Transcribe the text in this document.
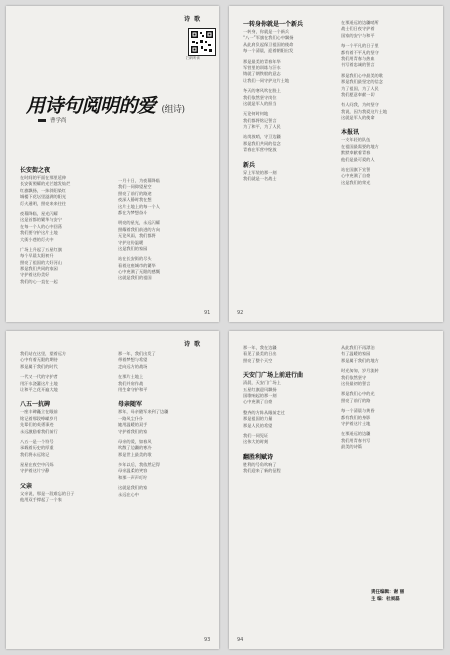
诗 歌
扫码听读
用诗句阅明的爱 (组诗)
曹学尚
长安街之夜
在时间的平面在那里延伸
长安街照耀的光芒越发灿烂
红旗飘扬，一抹斜阳染红
城楼下花坛里溢满的阳光
灯火通明，照亮来来往往
夜幕降临，星光闪耀
这是首都的繁华与安宁
在每一个人的心中回荡
我们要守护这片土地
大街小巷的灯火中
广场上升起了五星红旗
每个早晨太阳初升
照亮了祖国的大好河山
那是我们共同的家园
守护着这份美好
我们的心一直在一起
一月十日，为夜幕降临
我们一同仰望星空
照亮了前行的路途
夜深人静时我在想
这片土地上的每一个人
都在为梦想奋斗
明亮的星光，永远闪耀
照耀着我们前进的方向
无论风雨，我们都将
守护这份温暖
这是我们的家园
站在长安街的尽头
看着这座城市的繁华
心中充满了无限的感慨
这就是我们的祖国
91
一转身你就是一个新兵
一转身，你就是一个新兵
“八一”军旗在我们心中飘扬
从此肩负起保卫祖国的使命
每一个清晨，迎着朝阳出发
那是最美的青春年华
军营里的训练与汗水
铸就了钢铁般的意志
让我们一同守护这片土地
冬天的寒风吹在脸上
我们依然坚守岗位
这就是军人的担当
无论何时何地
我们都将铭记誓言
为了和平，为了人民
站岗放哨，守卫边疆
那是我们共同的信念
青春在军营中绽放
新兵
穿上军装的那一刻
我们就是一名战士
在那遥远的边疆哨所
战士们日夜守护着
国家的安宁与和平
每一个平凡的日子里
都有着不平凡的坚守
我们用青春与热血
书写着忠诚的誓言
那是我们心中最美的歌
那是我们最坚定的信念
为了祖国，为了人民
我们愿意奉献一切
有人问我，为何坚守
我说，因为我爱这片土地
这就是军人的使命
本报讯
一支年轻的队伍
在祖国最需要的地方
默默奉献着青春
他们是最可爱的人
站在国旗下宣誓
心中充满了自豪
这是我们的荣光
92
诗 歌
我们站在这里，望着远方
心中有着无限的期待
那是属于我们的时代
一代又一代的守护者
用汗水浇灌这片土地
让和平之花开遍大地
八五一抗碑
一座丰碑矗立在眼前
铭记着那段峥嵘岁月
先辈们的英勇事迹
永远激励着我们前行
八五一是一个符号
承载着历史的厚重
我们将永远铭记
星星在夜空中闪烁
守护着这片宁静
父亲
父亲说，那是一段难忘的日子
他用双手撑起了一个家
那一年，我们出发了
带着梦想与希望
走向远方的战场
在那片土地上
我们并肩作战
用生命守护和平
母亲随军
那年，母亲随军来到了边疆
一路风尘仆仆
她用温暖的双手
守护着我们的家
母亲的爱，如春风
吹散了边疆的寒冷
那是世上最美的歌
多年以后，我依然记得
母亲温柔的笑容
和那一声声叮咛
这就是我们的家
永远在心中
93
那一年，我在边疆
看见了最美的日出
照亮了整个天空
天安门广场上前进行曲
清晨，天安门广场上
五星红旗迎风飘扬
国歌响起的那一刻
心中充满了自豪
整齐的方阵从眼前走过
那是祖国的力量
那是人民的希望
我们一同见证
这伟大的时刻
翻胜利赋诗
胜利的号角吹响了
我们迎来了新的征程
从此我们不再漂泊
有了温暖的家园
那是属于我们的地方
时光匆匆，岁月流转
我们依然坚守
这份最初的誓言
那是我们心中的光
照亮了前行的路
每一个清晨与黄昏
都有我们的身影
守护着这片土地
在那遥远的边疆
我们用青春书写
最美的诗篇
责任编辑：谢 丽
主 编：杜昶磊
94
